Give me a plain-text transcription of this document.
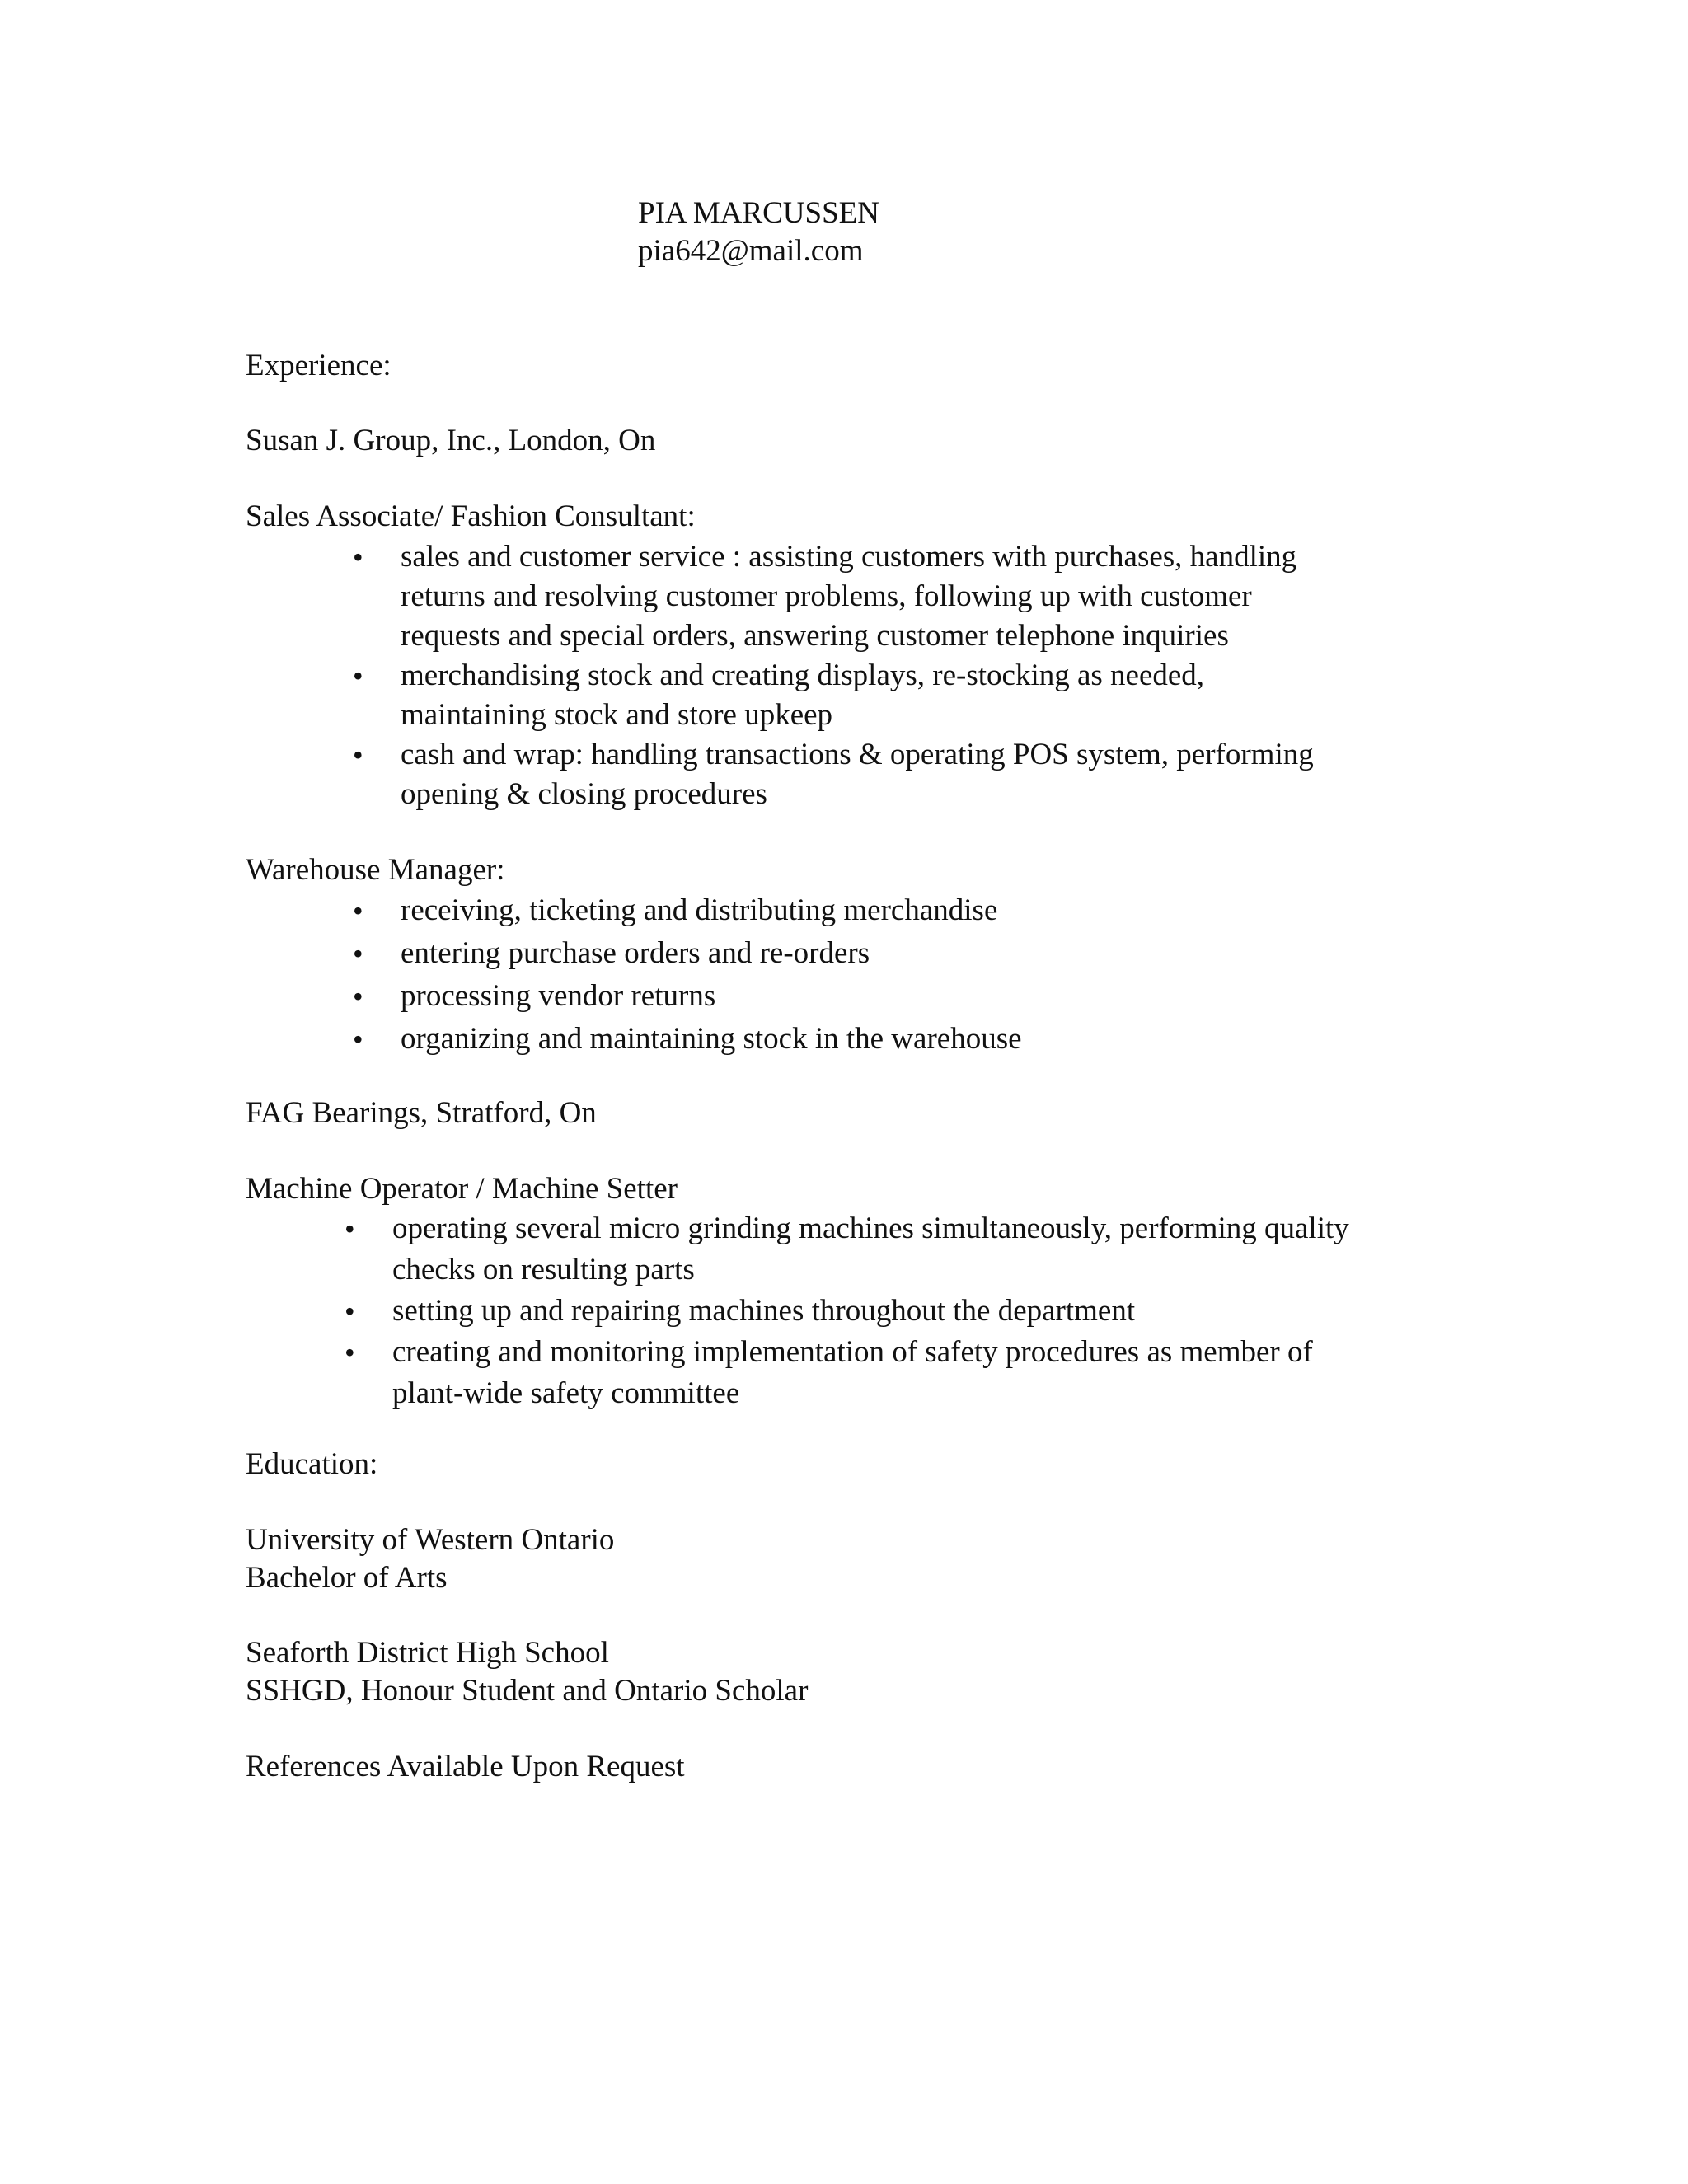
PIA MARCUSSEN
pia642@mail.com
Experience:
Susan J. Group, Inc., London, On
Sales Associate/ Fashion Consultant:
• sales and customer service : assisting customers with purchases, handling
returns and resolving customer problems, following up with customer
requests and special orders, answering customer telephone inquiries
• merchandising stock and creating displays, re-stocking as needed,
maintaining stock and store upkeep
• cash and wrap: handling transactions & operating POS system, performing
opening & closing procedures
Warehouse Manager:
• receiving, ticketing and distributing merchandise
• entering purchase orders and re-orders
• processing vendor returns
• organizing and maintaining stock in the warehouse
FAG Bearings, Stratford, On
Machine Operator / Machine Setter
• operating several micro grinding machines simultaneously, performing quality
checks on resulting parts
• setting up and repairing machines throughout the department
• creating and monitoring implementation of safety procedures as member of
plant-wide safety committee
Education:
University of Western Ontario
Bachelor of Arts
Seaforth District High School
SSHGD, Honour Student and Ontario Scholar
References Available Upon Request
